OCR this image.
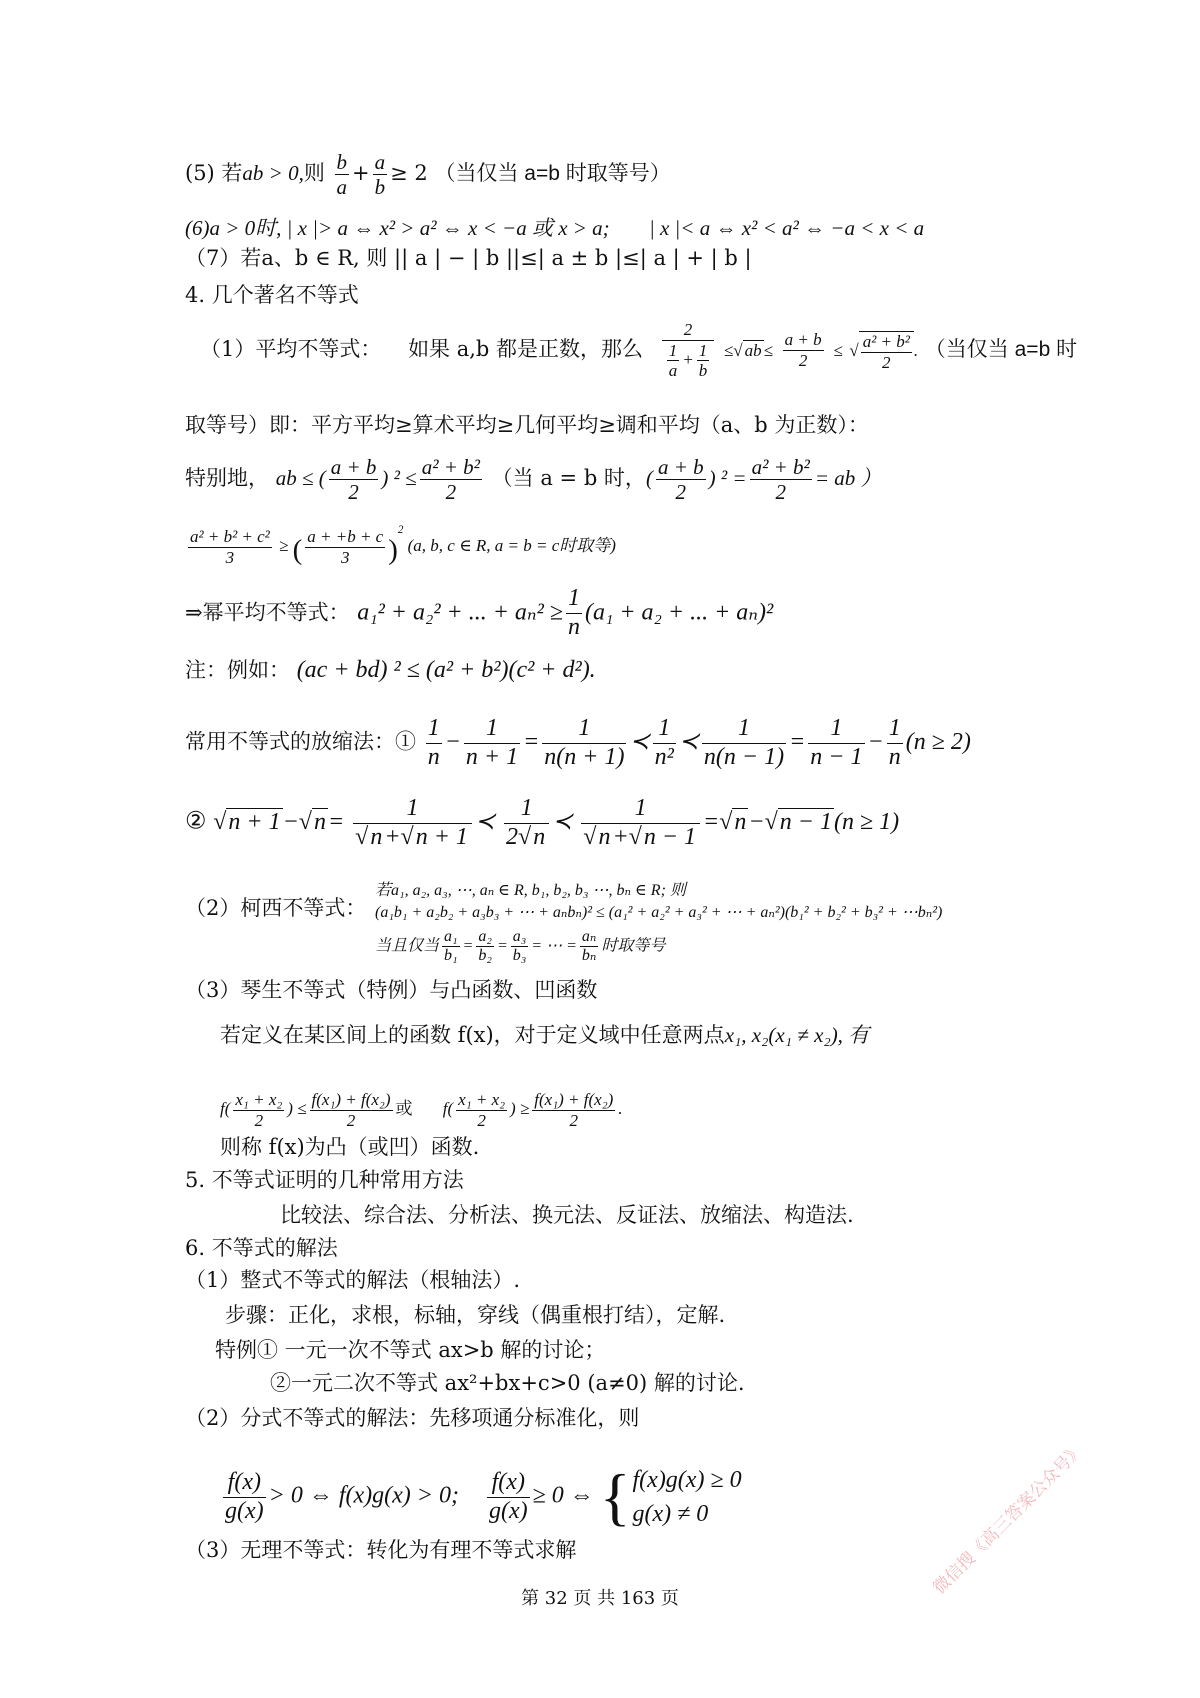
(5) 若ab > 0,则 $\frac{b}{a} + \frac{a}{b} \ge 2$ （当仅当 a=b 时取等号）
(6)a > 0时, | x |> a ⇔ x² > a² ⇔ x < −a 或 x > a; | x |< a ⇔ x² < a² ⇔ −a < x < a
（7）若a、b ∈ R, 则 || a | − | b ||≤| a ± b |≤| a | + | b |
4. 几个著名不等式
（1）平均不等式： 如果 a,b 都是正数，那么 $\frac{2}{\frac{1}{a} + \frac{1}{b}}$ ≤√ ab ≤ $\frac{a + b}{2}$ ≤ √ $\frac{\text{a² + b²}}{2}$ . （当仅当 a=b 时
取等号）即：平方平均≥算术平均≥几何平均≥调和平均（a、b 为正数）：
特别地， ab ≤ ( $\frac{a + b}{2}$ ) $^2 \le \frac{\text{a² + b²}}{2}$ （当 a = b 时，( $\frac{a + b}{2}$ ) $^2 = \frac{\text{a² + b²}}{2}$ = ab ）
$\frac{\text{a² + b² + c²}}{3}$ ≥ ( $\frac{a + +b + c}{3} )^2$ (a, b, c ∈ R, a = b = c时取等)
⇒幂平均不等式： a₁² + a₂² + ... + $a_n^2 \ge \frac{1}{n} (a_1 + a_2$ + ... + aₙ)²
注：例如： (ac + bd) ² ≤ (a² + b²)(c² + d²).
常用不等式的放缩法：① $\frac{1}{n} - \frac{1}{n + 1} = \frac{1}{n(n + 1)}$ ≺ $\frac{1}{\text{n²}}$ ≺ $\frac{1}{n(n - 1)} = \frac{1}{n - 1} - \frac{1}{n} (n \ge 2)$
② $√n + 1-√n= \frac{1}{√n+√n + 1}$ ≺ $\frac{1}{2√n}$ ≺ $\frac{1}{√n+√n - 1} =√n-√n - 1(n \ge 1)$
（2）柯西不等式：
若a₁, a₂, a₃, ⋯, aₙ ∈ R, b₁, b₂, b₃ ⋯, bₙ ∈ R; 则
(a₁b₁ + a₂b₂ + a₃b₃ + ⋯ + aₙbₙ)² ≤ (a₁² + a₂² + a₃² + ⋯ + aₙ²)(b₁² + b₂² + b₃² + ⋯bₙ²)
当且仅当 $\frac{\text{a₁}}{\text{b₁}} = \frac{\text{a₂}}{\text{b₂}} = \frac{\text{a₃}}{\text{b₃}}$ = ⋯ = $\frac{\text{aₙ}}{\text{bₙ}}$ 时取等号
（3）琴生不等式（特例）与凸函数、凹函数
若定义在某区间上的函数 f(x)，对于定义域中任意两点x₁, x₂(x₁ ≠ x₂), 有
$f( \frac{\text{x₁ + x₂}}{2}$ ) ≤ $\frac{\text{f(x₁) + f(x₂)}}{2}$ 或 $f( \frac{\text{x₁ + x₂}}{2}$ ) ≥ $\frac{\text{f(x₁) + f(x₂)}}{2}$ .
则称 f(x)为凸（或凹）函数.
5. 不等式证明的几种常用方法
比较法、综合法、分析法、换元法、反证法、放缩法、构造法.
6. 不等式的解法
（1）整式不等式的解法（根轴法）.
步骤：正化，求根，标轴，穿线（偶重根打结），定解.
特例① 一元一次不等式 ax>b 解的讨论；
②一元二次不等式 ax²+bx+c>0 (a≠0) 解的讨论.
（2）分式不等式的解法：先移项通分标准化，则
$\frac{f(x)}{g(x)} > 0$ ⇔ f(x)g(x) > 0; $\frac{f(x)}{g(x)} \ge 0$ ⇔ { f(x)g(x) ≥ 0
g(x) ≠ 0
（3）无理不等式：转化为有理不等式求解
第 32 页 共 163 页
微信搜《高三答案公众号》
